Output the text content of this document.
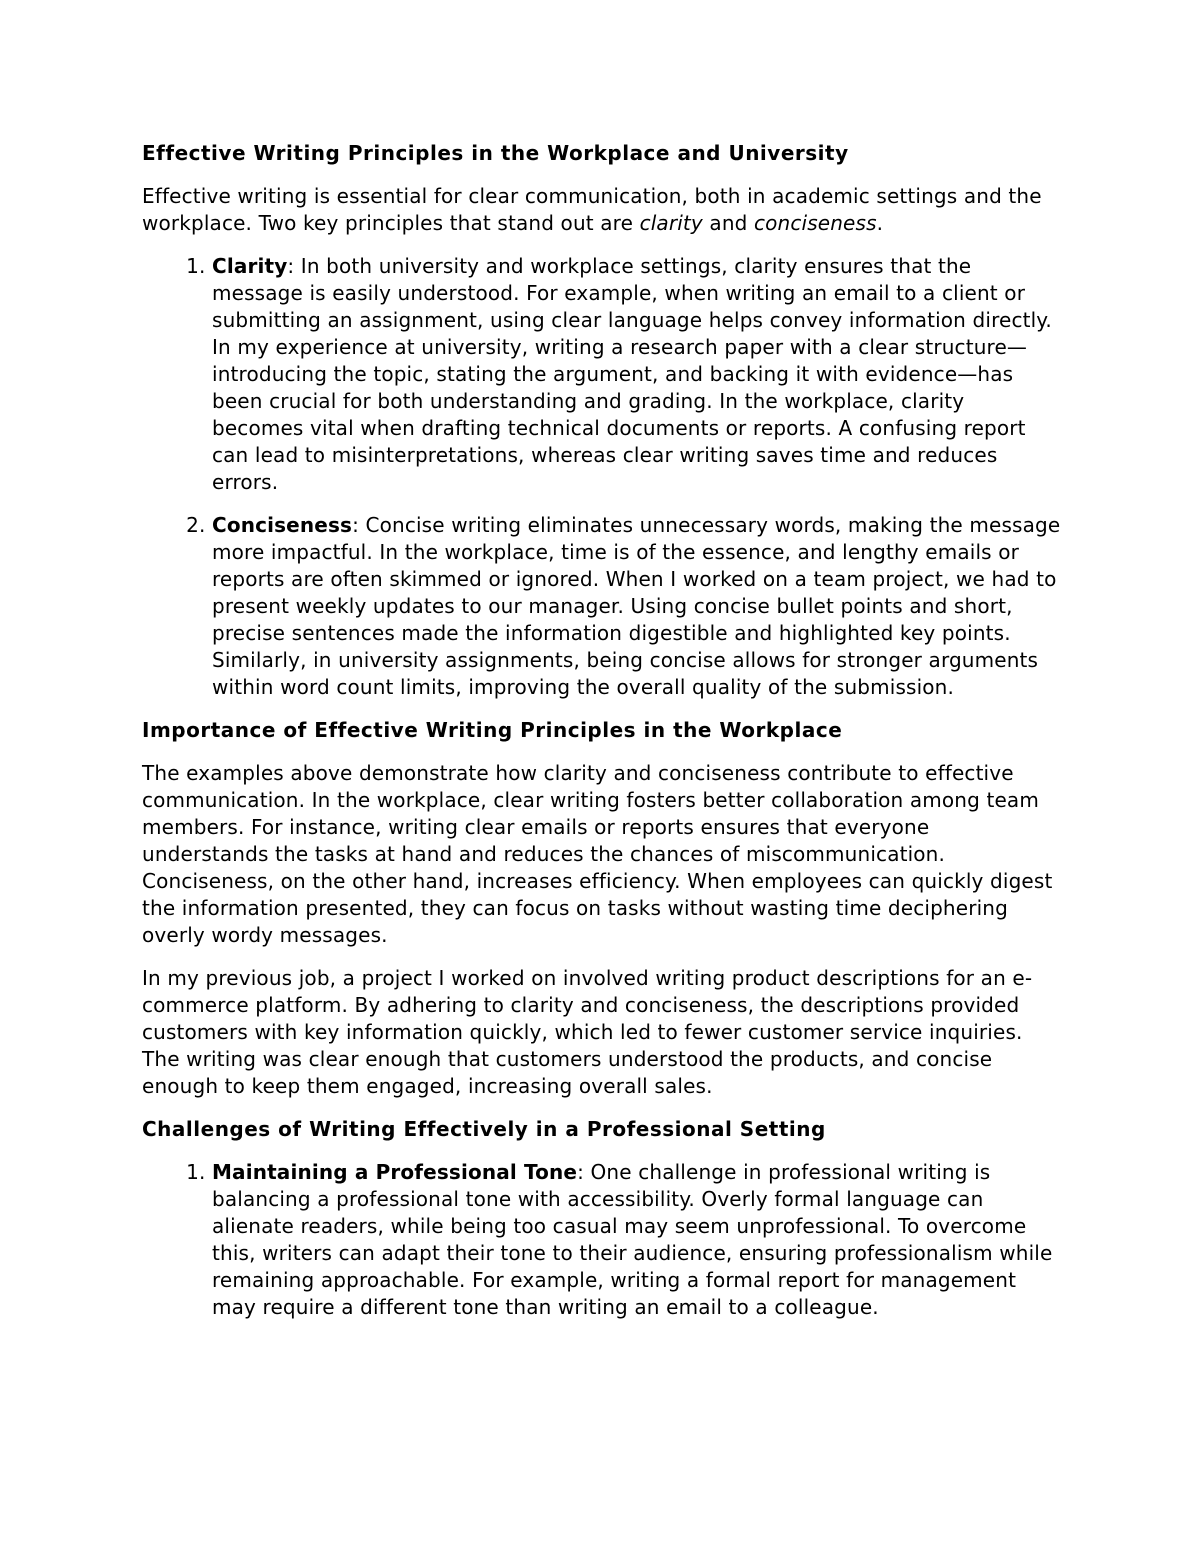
Effective Writing Principles in the Workplace and University

Effective writing is essential for clear communication, both in academic settings and the workplace. Two key principles that stand out are clarity and conciseness.

1. Clarity: In both university and workplace settings, clarity ensures that the message is easily understood. For example, when writing an email to a client or submitting an assignment, using clear language helps convey information directly. In my experience at university, writing a research paper with a clear structure—introducing the topic, stating the argument, and backing it with evidence—has been crucial for both understanding and grading. In the workplace, clarity becomes vital when drafting technical documents or reports. A confusing report can lead to misinterpretations, whereas clear writing saves time and reduces errors.
2. Conciseness: Concise writing eliminates unnecessary words, making the message more impactful. In the workplace, time is of the essence, and lengthy emails or reports are often skimmed or ignored. When I worked on a team project, we had to present weekly updates to our manager. Using concise bullet points and short, precise sentences made the information digestible and highlighted key points. Similarly, in university assignments, being concise allows for stronger arguments within word count limits, improving the overall quality of the submission.
Importance of Effective Writing Principles in the Workplace

The examples above demonstrate how clarity and conciseness contribute to effective communication. In the workplace, clear writing fosters better collaboration among team members. For instance, writing clear emails or reports ensures that everyone understands the tasks at hand and reduces the chances of miscommunication. Conciseness, on the other hand, increases efficiency. When employees can quickly digest the information presented, they can focus on tasks without wasting time deciphering overly wordy messages.

In my previous job, a project I worked on involved writing product descriptions for an e-commerce platform. By adhering to clarity and conciseness, the descriptions provided customers with key information quickly, which led to fewer customer service inquiries. The writing was clear enough that customers understood the products, and concise enough to keep them engaged, increasing overall sales.

Challenges of Writing Effectively in a Professional Setting
1. Maintaining a Professional Tone: One challenge in professional writing is balancing a professional tone with accessibility. Overly formal language can alienate readers, while being too casual may seem unprofessional. To overcome this, writers can adapt their tone to their audience, ensuring professionalism while remaining approachable. For example, writing a formal report for management may require a different tone than writing an email to a colleague.
